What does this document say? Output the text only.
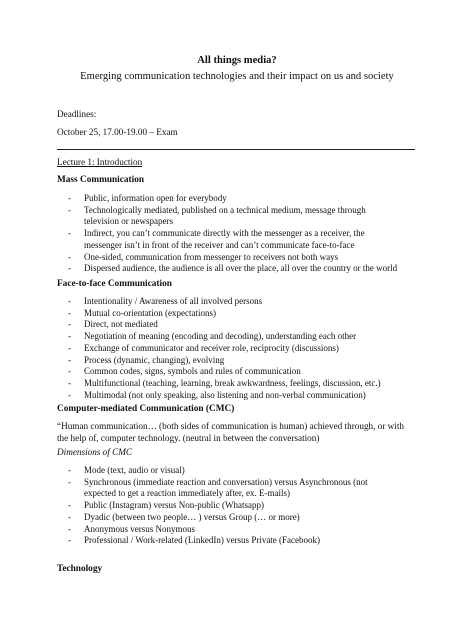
All things media?
Emerging communication technologies and their impact on us and society
Deadlines:
October 25, 17.00-19.00 – Exam
Lecture 1: Introduction
Mass Communication
- Public, information open for everybody
- Technologically mediated, published on a technical medium, message through
television or newspapers
- Indirect, you can’t communicate directly with the messenger as a receiver, the
messenger isn’t in front of the receiver and can’t communicate face-to-face
- One-sided, communication from messenger to receivers not both ways
- Dispersed audience, the audience is all over the place, all over the country or the world
Face-to-face Communication
- Intentionality / Awareness of all involved persons
- Mutual co-orientation (expectations)
- Direct, not mediated
- Negotiation of meaning (encoding and decoding), understanding each other
- Exchange of communicator and receiver role, reciprocity (discussions)
- Process (dynamic, changing), evolving
- Common codes, signs, symbols and rules of communication
- Multifunctional (teaching, learning, break awkwardness, feelings, discussion, etc.)
- Multimodal (not only speaking, also listening and non-verbal communication)
Computer-mediated Communication (CMC)
“Human communication… (both sides of communication is human) achieved through, or with
the help of, computer technology. (neutral in between the conversation)
Dimensions of CMC
- Mode (text, audio or visual)
- Synchronous (immediate reaction and conversation) versus Asynchronous (not
expected to get a reaction immediately after, ex. E-mails)
- Public (Instagram) versus Non-public (Whatsapp)
- Dyadic (between two people… ) versus Group (… or more)
- Anonymous versus Nonymous
- Professional / Work-related (LinkedIn) versus Private (Facebook)
Technology
